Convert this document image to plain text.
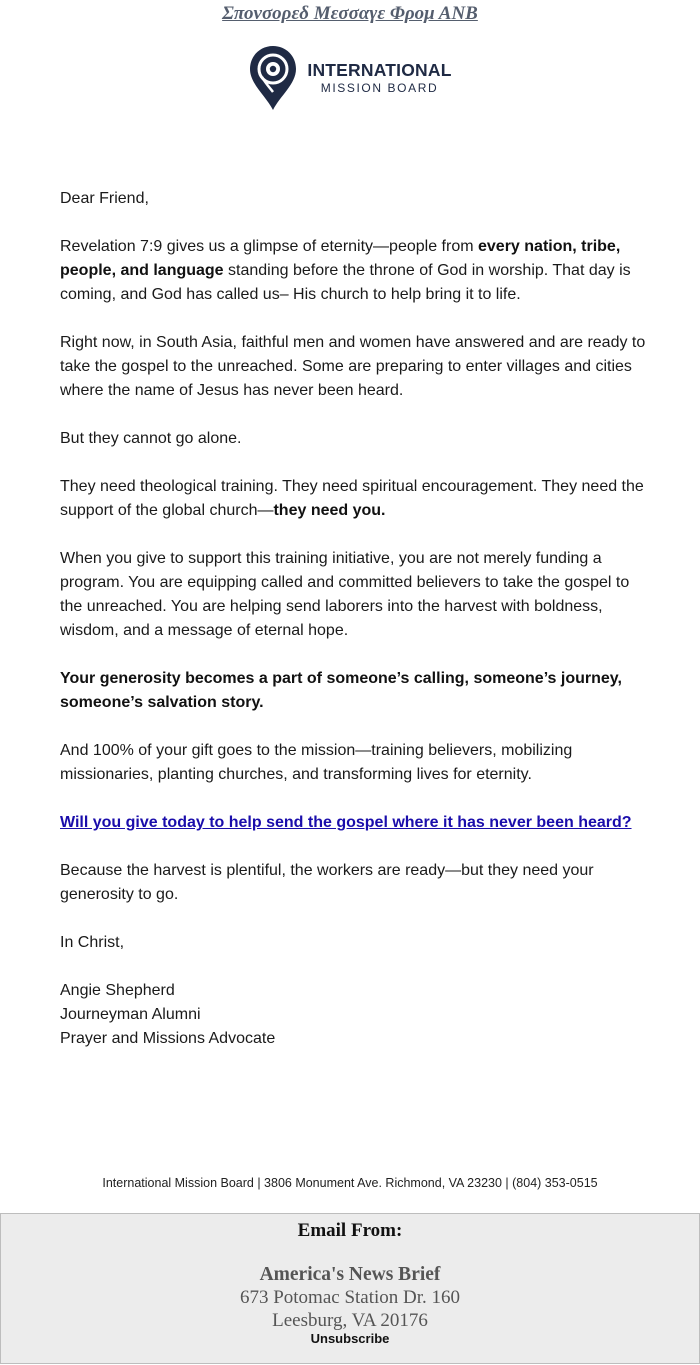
Σπονσορεδ Μεσσαγε Φρομ ΑΝΒ
INTERNATIONAL
MISSION BOARD

Dear Friend,

Revelation 7:9 gives us a glimpse of eternity—people from every nation, tribe, people, and language standing before the throne of God in worship. That day is coming, and God has called us– His church to help bring it to life.

Right now, in South Asia, faithful men and women have answered and are ready to take the gospel to the unreached. Some are preparing to enter villages and cities where the name of Jesus has never been heard.

But they cannot go alone.

They need theological training. They need spiritual encouragement. They need the support of the global church—they need you.

When you give to support this training initiative, you are not merely funding a program. You are equipping called and committed believers to take the gospel to the unreached. You are helping send laborers into the harvest with boldness, wisdom, and a message of eternal hope.

Your generosity becomes a part of someone’s calling, someone’s journey, someone’s salvation story.

And 100% of your gift goes to the mission—training believers, mobilizing missionaries, planting churches, and transforming lives for eternity.

Will you give today to help send the gospel where it has never been heard?

Because the harvest is plentiful, the workers are ready—but they need your generosity to go.

In Christ,

Angie Shepherd

Journeyman Alumni

Prayer and Missions Advocate

International Mission Board | 3806 Monument Ave. Richmond, VA 23230 | (804) 353-0515
Email From:
America's News Brief
673 Potomac Station Dr. 160
Leesburg, VA 20176
Unsubscribe
